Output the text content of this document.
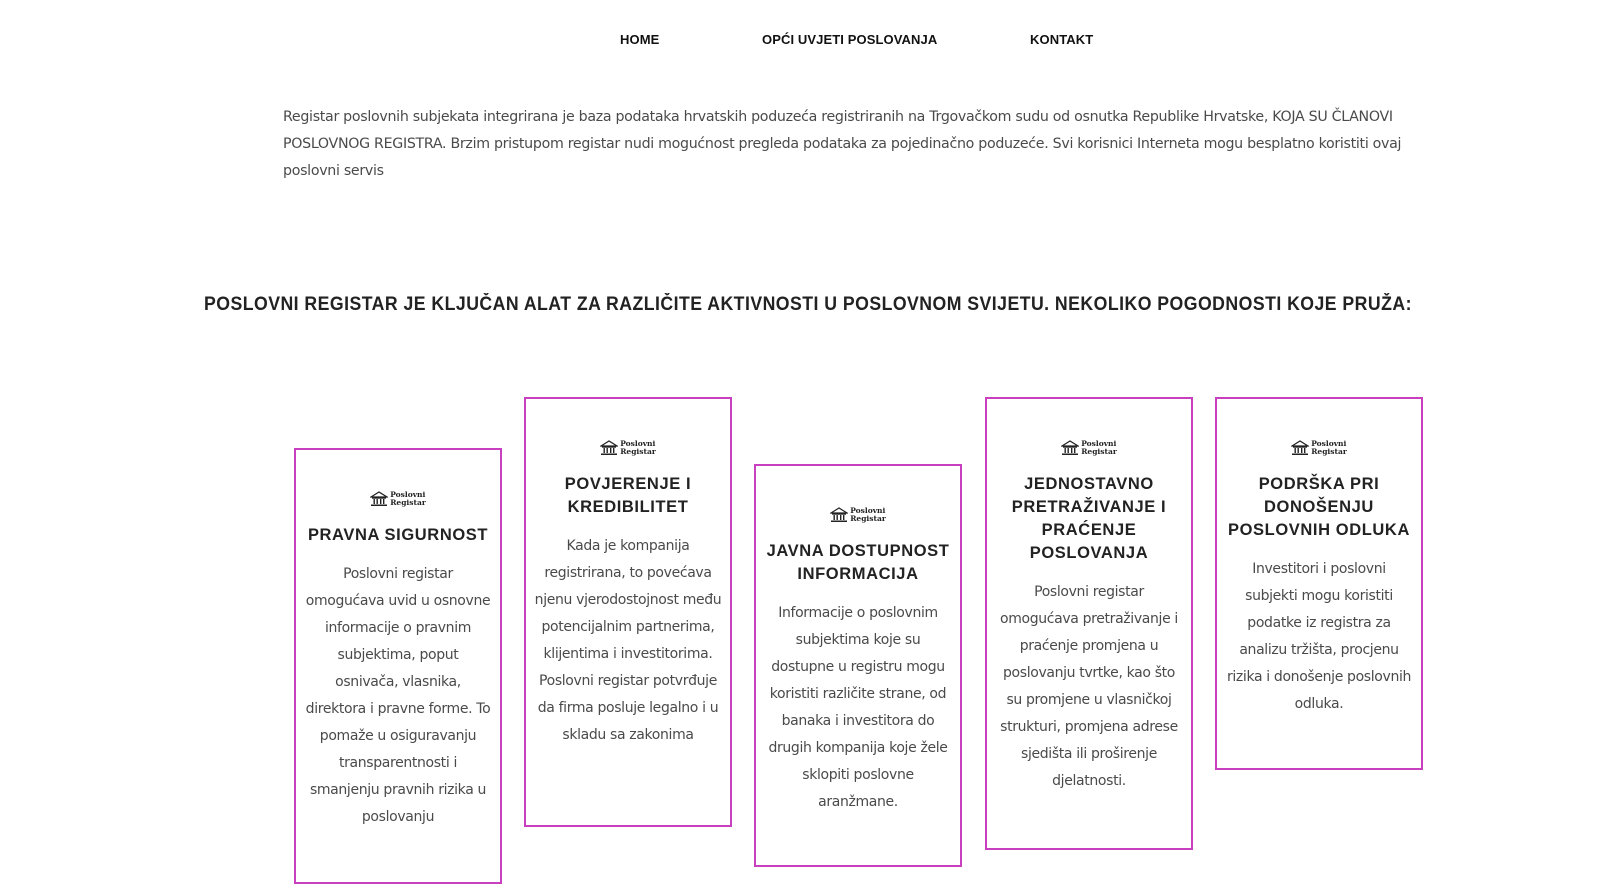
HOME	OPĆI UVJETI POSLOVANJA	KONTAKT

Registar poslovnih subjekata integrirana je baza podataka hrvatskih poduzeća registriranih na Trgovačkom sudu od osnutka Republike Hrvatske, KOJA SU ČLANOVI POSLOVNOG REGISTRA. Brzim pristupom registar nudi mogućnost pregleda podataka za pojedinačno poduzeće. Svi korisnici Interneta mogu besplatno koristiti ovaj poslovni servis

POSLOVNI REGISTAR JE KLJUČAN ALAT ZA RAZLIČITE AKTIVNOSTI U POSLOVNOM SVIJETU. NEKOLIKO POGODNOSTI KOJE PRUŽA:
Poslovni
Registar
PRAVNA SIGURNOST
Poslovni registar omogućava uvid u osnovne informacije o pravnim subjektima, poput osnivača, vlasnika, direktora i pravne forme. To pomaže u osiguravanju transparentnosti i smanjenju pravnih rizika u poslovanju
Poslovni
Registar
POVJERENJE I KREDIBILITET
Kada je kompanija registrirana, to povećava njenu vjerodostojnost među potencijalnim partnerima, klijentima i investitorima. Poslovni registar potvrđuje da firma posluje legalno i u skladu sa zakonima
Poslovni
Registar
JAVNA DOSTUPNOST INFORMACIJA
Informacije o poslovnim subjektima koje su dostupne u registru mogu koristiti različite strane, od banaka i investitora do drugih kompanija koje žele sklopiti poslovne aranžmane.
Poslovni
Registar
JEDNOSTAVNO PRETRAŽIVANJE I PRAĆENJE POSLOVANJA
Poslovni registar omogućava pretraživanje i praćenje promjena u poslovanju tvrtke, kao što su promjene u vlasničkoj strukturi, promjena adrese sjedišta ili proširenje djelatnosti.
Poslovni
Registar
PODRŠKA PRI DONOŠENJU POSLOVNIH ODLUKA
Investitori i poslovni subjekti mogu koristiti podatke iz registra za analizu tržišta, procjenu rizika i donošenje poslovnih odluka.
